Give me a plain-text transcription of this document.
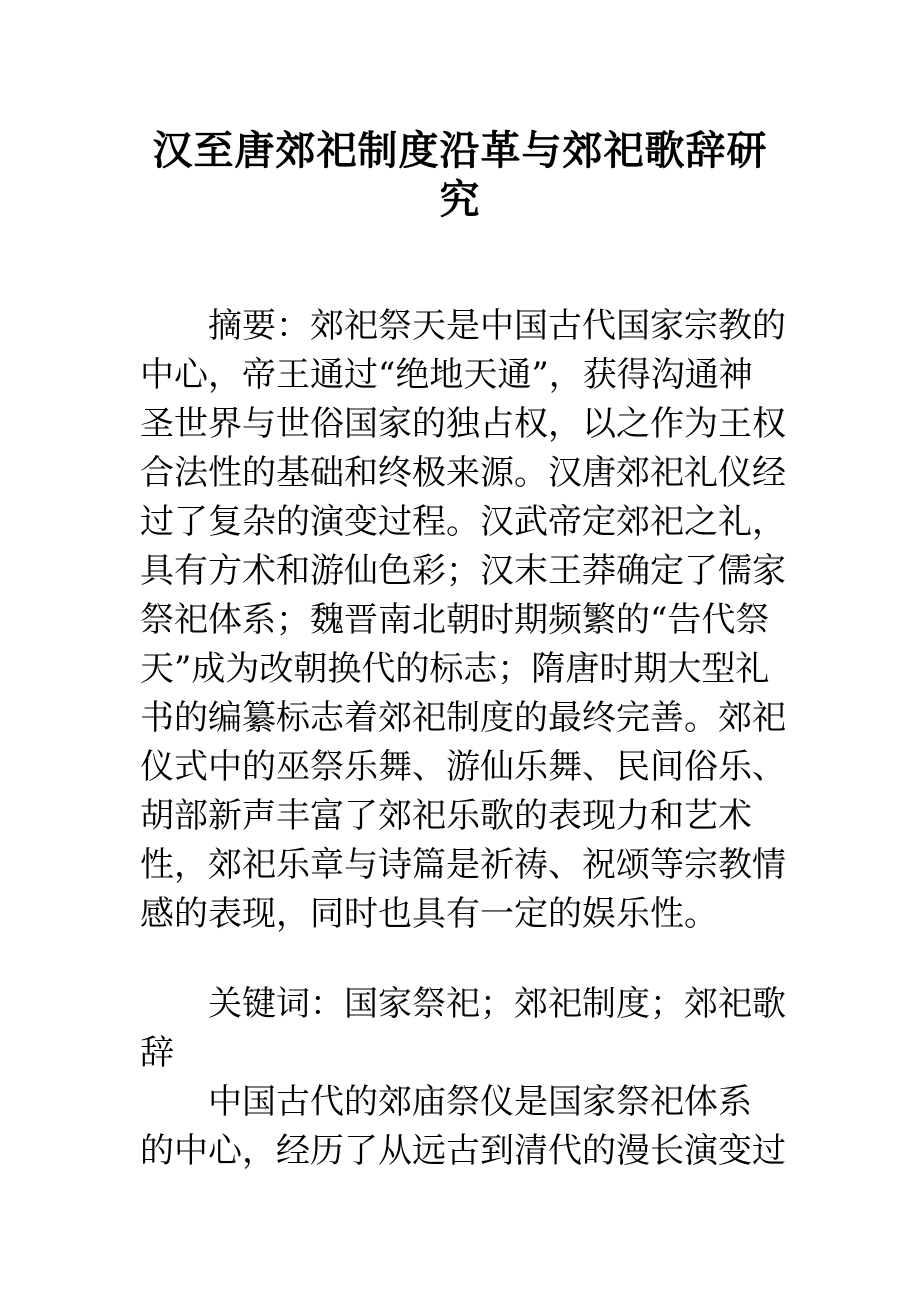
汉至唐郊祀制度沿革与郊祀歌辞研
究
摘要：郊祀祭天是中国古代国家宗教的
中心，帝王通过“绝地天通”，获得沟通神
圣世界与世俗国家的独占权，以之作为王权
合法性的基础和终极来源。汉唐郊祀礼仪经
过了复杂的演变过程。汉武帝定郊祀之礼，
具有方术和游仙色彩；汉末王莽确定了儒家
祭祀体系；魏晋南北朝时期频繁的“告代祭
天”成为改朝换代的标志；隋唐时期大型礼
书的编纂标志着郊祀制度的最终完善。郊祀
仪式中的巫祭乐舞、游仙乐舞、民间俗乐、
胡部新声丰富了郊祀乐歌的表现力和艺术
性，郊祀乐章与诗篇是祈祷、祝颂等宗教情
感的表现，同时也具有一定的娱乐性。
关键词：国家祭祀；郊祀制度；郊祀歌
辞
中国古代的郊庙祭仪是国家祭祀体系
的中心，经历了从远古到清代的漫长演变过
